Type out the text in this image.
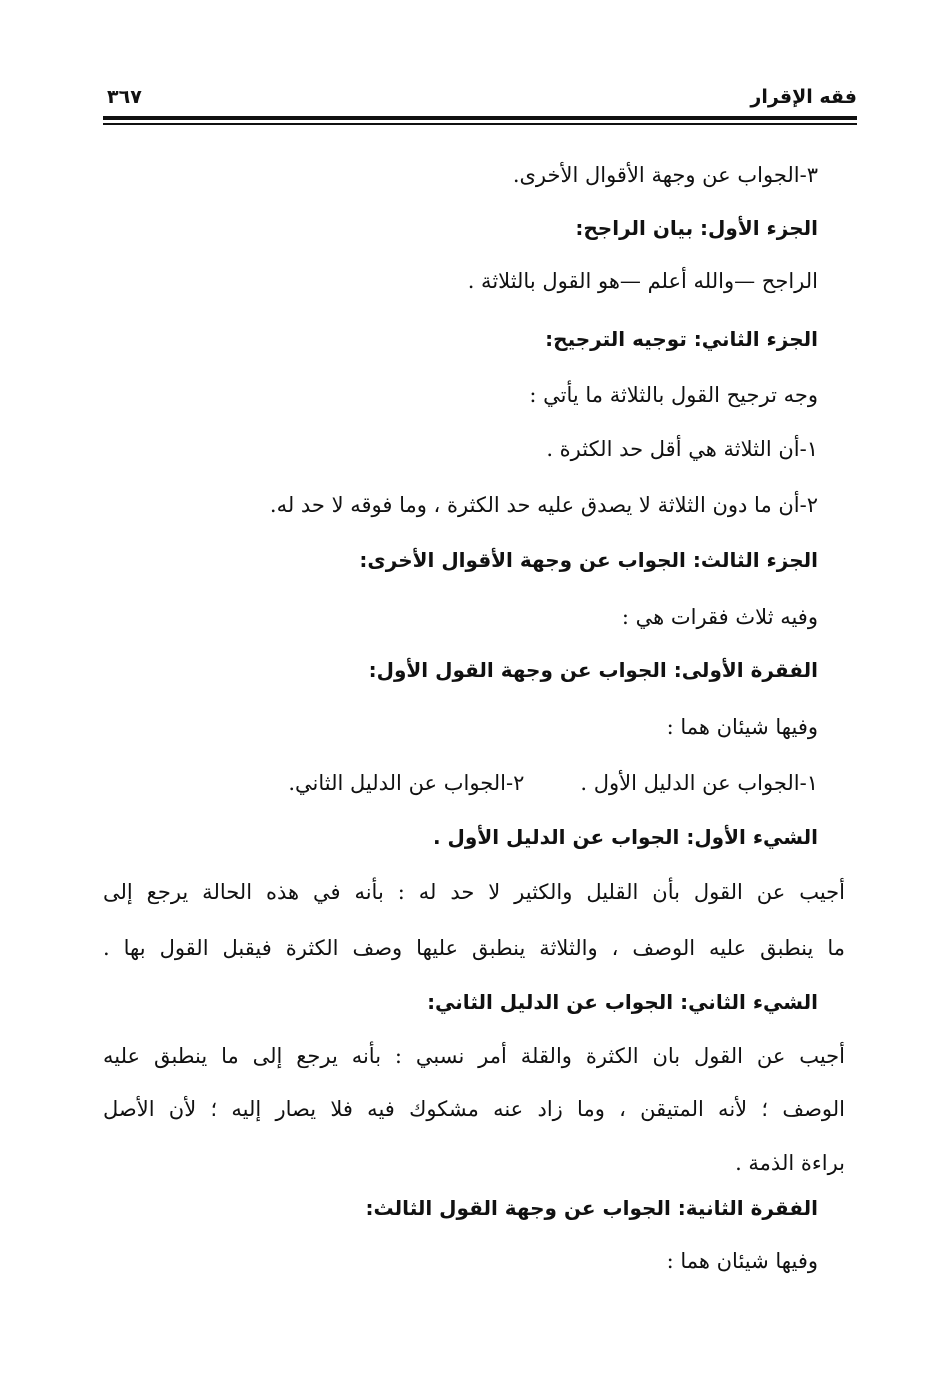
فقه الإقرار
٣٦٧
٣-الجواب عن وجهة الأقوال الأخرى.
الجزء الأول: بيان الراجح:
الراجح —والله أعلم —هو القول بالثلاثة .
الجزء الثاني: توجيه الترجيح:
وجه ترجيح القول بالثلاثة ما يأتي :
١-أن الثلاثة هي أقل حد الكثرة .
٢-أن ما دون الثلاثة لا يصدق عليه حد الكثرة ، وما فوقه لا حد له.
الجزء الثالث: الجواب عن وجهة الأقوال الأخرى:
وفيه ثلاث فقرات هي :
الفقرة الأولى: الجواب عن وجهة القول الأول:
وفيها شيئان هما :
١-الجواب عن الدليل الأول .٢-الجواب عن الدليل الثاني.
الشيء الأول: الجواب عن الدليل الأول .
أجيب عن القول بأن القليل والكثير لا حد له : بأنه في هذه الحالة يرجع إلى
ما ينطبق عليه الوصف ، والثلاثة ينطبق عليها وصف الكثرة فيقبل القول بها .
الشيء الثاني: الجواب عن الدليل الثاني:
أجيب عن القول بان الكثرة والقلة أمر نسبي : بأنه يرجع إلى ما ينطبق عليه
الوصف ؛ لأنه المتيقن ، وما زاد عنه مشكوك فيه فلا يصار إليه ؛ لأن الأصل
براءة الذمة .
الفقرة الثانية: الجواب عن وجهة القول الثالث:
وفيها شيئان هما :
